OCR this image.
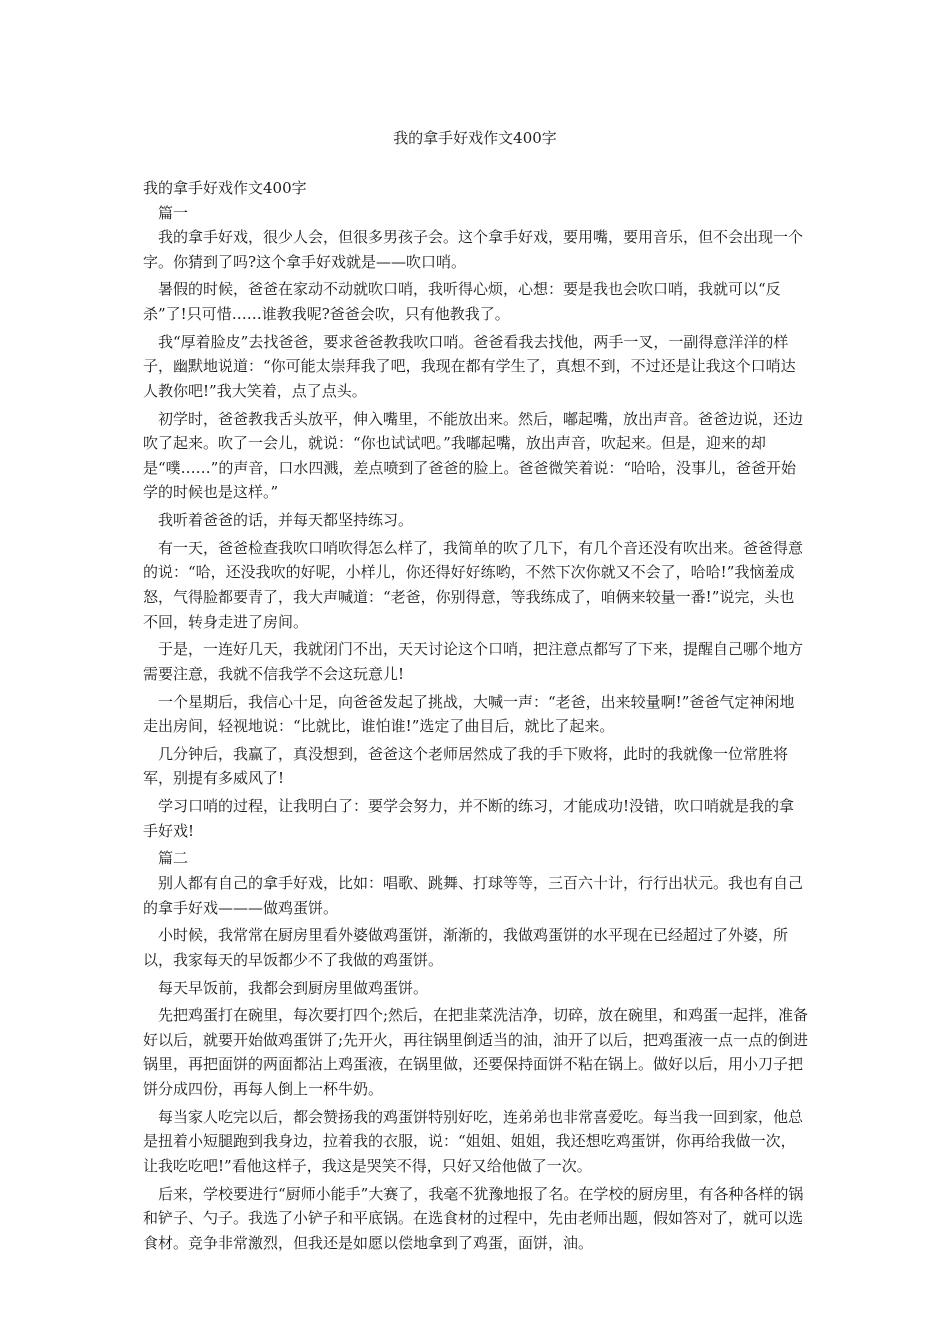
我的拿手好戏作文400字

我的拿手好戏作文400字

篇一

我的拿手好戏，很少人会，但很多男孩子会。这个拿手好戏，要用嘴，要用音乐，但不会出现一个字。你猜到了吗?这个拿手好戏就是——吹口哨。

暑假的时候，爸爸在家动不动就吹口哨，我听得心烦，心想：要是我也会吹口哨，我就可以“反杀”了!只可惜……谁教我呢?爸爸会吹，只有他教我了。

我“厚着脸皮”去找爸爸，要求爸爸教我吹口哨。爸爸看我去找他，两手一叉，一副得意洋洋的样子，幽默地说道：“你可能太崇拜我了吧，我现在都有学生了，真想不到，不过还是让我这个口哨达人教你吧!”我大笑着，点了点头。

初学时，爸爸教我舌头放平，伸入嘴里，不能放出来。然后，嘟起嘴，放出声音。爸爸边说，还边吹了起来。吹了一会儿，就说：“你也试试吧。”我嘟起嘴，放出声音，吹起来。但是，迎来的却是“噗……”的声音，口水四溅，差点喷到了爸爸的脸上。爸爸微笑着说：“哈哈，没事儿，爸爸开始学的时候也是这样。”

我听着爸爸的话，并每天都坚持练习。

有一天，爸爸检查我吹口哨吹得怎么样了，我简单的吹了几下，有几个音还没有吹出来。爸爸得意的说：“哈，还没我吹的好呢，小样儿，你还得好好练哟，不然下次你就又不会了，哈哈!”我恼羞成怒，气得脸都要青了，我大声喊道：“老爸，你别得意，等我练成了，咱俩来较量一番!”说完，头也不回，转身走进了房间。

于是，一连好几天，我就闭门不出，天天讨论这个口哨，把注意点都写了下来，提醒自己哪个地方需要注意，我就不信我学不会这玩意儿!

一个星期后，我信心十足，向爸爸发起了挑战，大喊一声：“老爸，出来较量啊!”爸爸气定神闲地走出房间，轻视地说：“比就比，谁怕谁!”选定了曲目后，就比了起来。

几分钟后，我赢了，真没想到，爸爸这个老师居然成了我的手下败将，此时的我就像一位常胜将军，别提有多威风了!

学习口哨的过程，让我明白了：要学会努力，并不断的练习，才能成功!没错，吹口哨就是我的拿手好戏!

篇二

别人都有自己的拿手好戏，比如：唱歌、跳舞、打球等等，三百六十计，行行出状元。我也有自己的拿手好戏———做鸡蛋饼。

小时候，我常常在厨房里看外婆做鸡蛋饼，渐渐的，我做鸡蛋饼的水平现在已经超过了外婆，所以，我家每天的早饭都少不了我做的鸡蛋饼。

每天早饭前，我都会到厨房里做鸡蛋饼。

先把鸡蛋打在碗里，每次要打四个;然后，在把韭菜洗洁净，切碎，放在碗里，和鸡蛋一起拌，准备好以后，就要开始做鸡蛋饼了;先开火，再往锅里倒适当的油，油开了以后，把鸡蛋液一点一点的倒进锅里，再把面饼的两面都沾上鸡蛋液，在锅里做，还要保持面饼不粘在锅上。做好以后，用小刀子把饼分成四份，再每人倒上一杯牛奶。

每当家人吃完以后，都会赞扬我的鸡蛋饼特别好吃，连弟弟也非常喜爱吃。每当我一回到家，他总是扭着小短腿跑到我身边，拉着我的衣服，说：“姐姐、姐姐，我还想吃鸡蛋饼，你再给我做一次，让我吃吃吧!”看他这样子，我这是哭笑不得，只好又给他做了一次。

后来，学校要进行“厨师小能手”大赛了，我毫不犹豫地报了名。在学校的厨房里，有各种各样的锅和铲子、勺子。我选了小铲子和平底锅。在选食材的过程中，先由老师出题，假如答对了，就可以选食材。竞争非常激烈，但我还是如愿以偿地拿到了鸡蛋，面饼，油。
